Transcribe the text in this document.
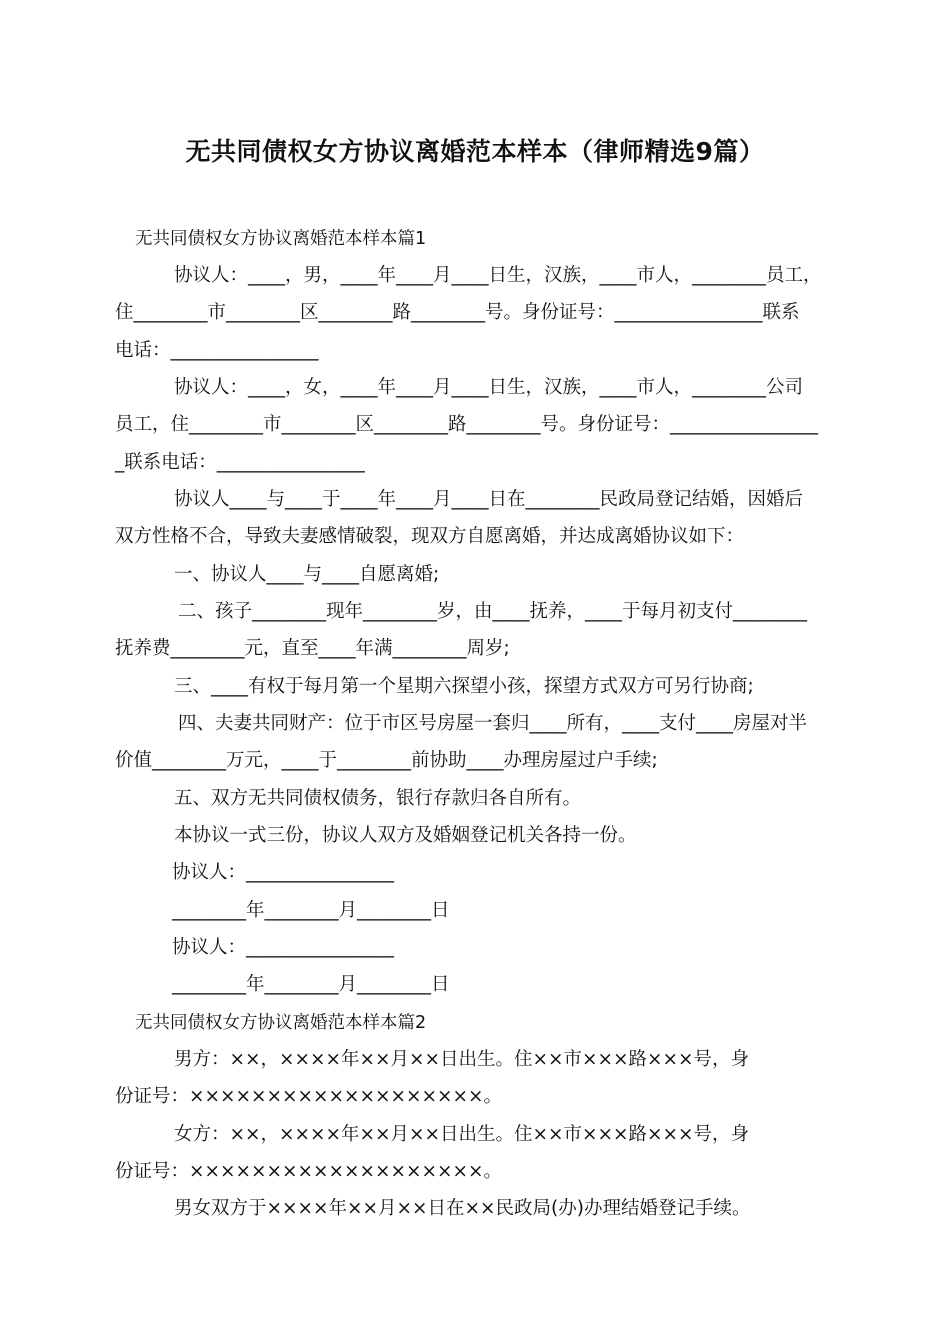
无共同债权女方协议离婚范本样本（律师精选9篇）
无共同债权女方协议离婚范本样本篇1
协议人：____，男，____年____月____日生，汉族，____市人，________员工，
住________市________区________路________号。身份证号：________________联系
电话：________________
协议人：____，女，____年____月____日生，汉族，____市人，________公司
员工，住________市________区________路________号。身份证号：________________
_联系电话：________________
协议人____与____于____年____月____日在________民政局登记结婚，因婚后
双方性格不合，导致夫妻感情破裂，现双方自愿离婚，并达成离婚协议如下：
一、协议人____与____自愿离婚;
二、孩子________现年________岁，由____抚养，____于每月初支付________
抚养费________元，直至____年满________周岁;
三、____有权于每月第一个星期六探望小孩，探望方式双方可另行协商;
四、夫妻共同财产：位于市区号房屋一套归____所有，____支付____房屋对半
价值________万元，____于________前协助____办理房屋过户手续;
五、双方无共同债权债务，银行存款归各自所有。
本协议一式三份，协议人双方及婚姻登记机关各持一份。
协议人：________________
________年________月________日
协议人：________________
________年________月________日
无共同债权女方协议离婚范本样本篇2
男方：××，××××年××月××日出生。住××市×××路×××号，身
份证号：×××××××××××××××××××。
女方：××，××××年××月××日出生。住××市×××路×××号，身
份证号：×××××××××××××××××××。
男女双方于××××年××月××日在××民政局(办)办理结婚登记手续。
